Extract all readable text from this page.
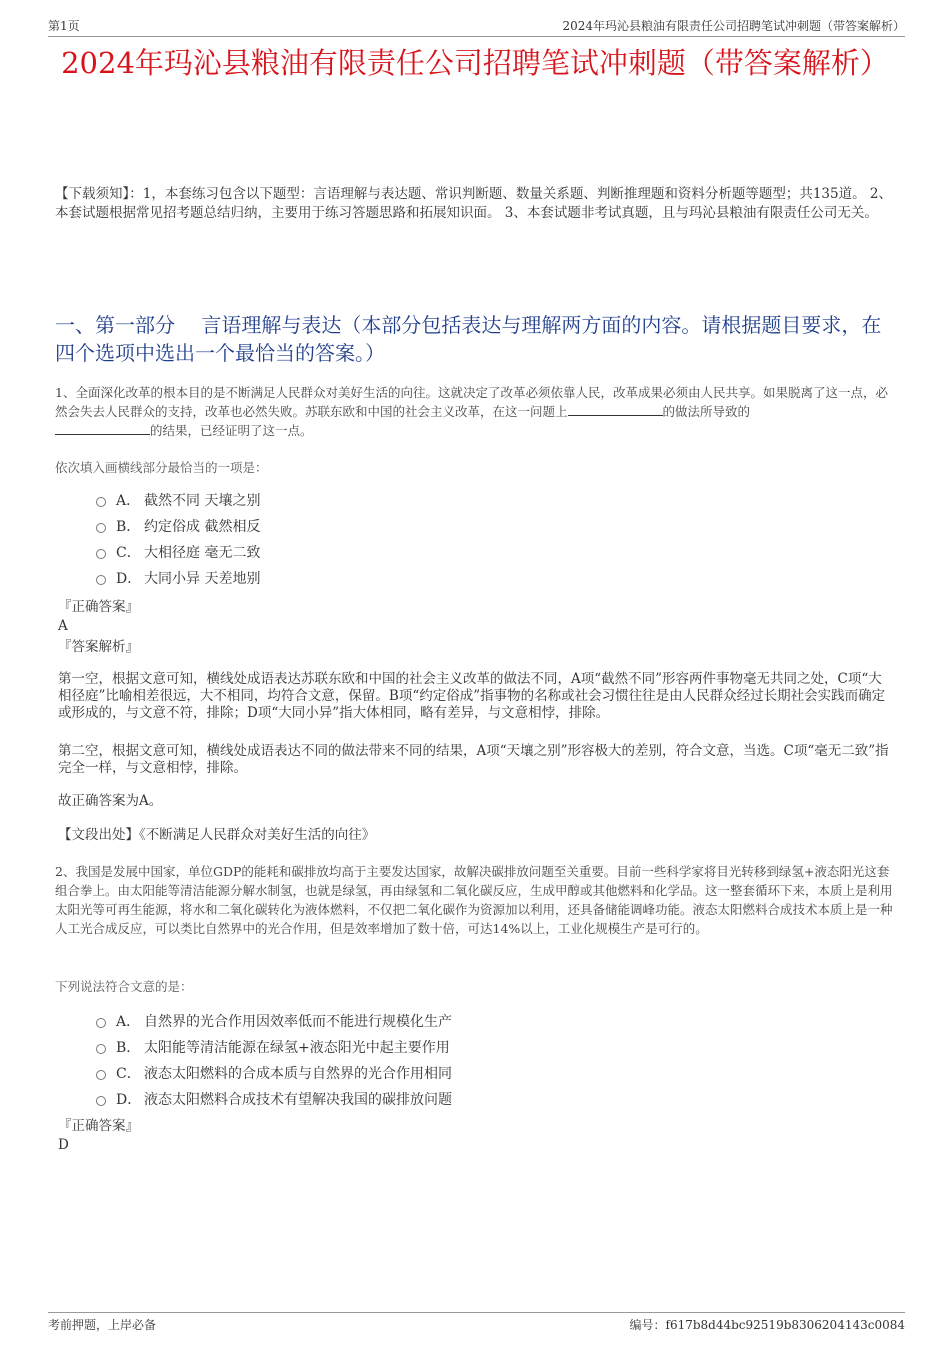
第1页	2024年玛沁县粮油有限责任公司招聘笔试冲刺题（带答案解析）
2024年玛沁县粮油有限责任公司招聘笔试冲刺题（带答案解析）
【下载须知】：1，本套练习包含以下题型：言语理解与表达题、常识判断题、数量关系题、判断推理题和资料分析题等题型；共135道。 2、本套试题根据常见招考题总结归纳，主要用于练习答题思路和拓展知识面。 3、本套试题非考试真题，且与玛沁县粮油有限责任公司无关。
一、第一部分　 言语理解与表达（本部分包括表达与理解两方面的内容。请根据题目要求，在四个选项中选出一个最恰当的答案。）
1、全面深化改革的根本目的是不断满足人民群众对美好生活的向往。这就决定了改革必须依靠人民，改革成果必须由人民共享。如果脱离了这一点，必然会失去人民群众的支持，改革也必然失败。苏联东欧和中国的社会主义改革，在这一问题上	的做法所导致的
的结果，已经证明了这一点。
依次填入画横线部分最恰当的一项是：
A． 截然不同 天壤之别
B． 约定俗成 截然相反
C． 大相径庭 毫无二致
D． 大同小异 天差地别
『正确答案』
A
『答案解析』
第一空，根据文意可知，横线处成语表达苏联东欧和中国的社会主义改革的做法不同，A项“截然不同”形容两件事物毫无共同之处，C项“大相径庭”比喻相差很远，大不相同，均符合文意，保留。B项“约定俗成”指事物的名称或社会习惯往往是由人民群众经过长期社会实践而确定或形成的，与文意不符，排除；D项“大同小异”指大体相同，略有差异，与文意相悖，排除。
第二空，根据文意可知，横线处成语表达不同的做法带来不同的结果，A项“天壤之别”形容极大的差别，符合文意，当选。C项“毫无二致”指完全一样，与文意相悖，排除。
故正确答案为A。
【文段出处】《不断满足人民群众对美好生活的向往》
2、我国是发展中国家，单位GDP的能耗和碳排放均高于主要发达国家，故解决碳排放问题至关重要。目前一些科学家将目光转移到绿氢+液态阳光这套组合拳上。由太阳能等清洁能源分解水制氢，也就是绿氢，再由绿氢和二氧化碳反应，生成甲醇或其他燃料和化学品。这一整套循环下来，本质上是利用太阳光等可再生能源，将水和二氧化碳转化为液体燃料，不仅把二氧化碳作为资源加以利用，还具备储能调峰功能。液态太阳燃料合成技术本质上是一种人工光合成反应，可以类比自然界中的光合作用，但是效率增加了数十倍，可达14%以上，工业化规模生产是可行的。
下列说法符合文意的是：
A． 自然界的光合作用因效率低而不能进行规模化生产
B． 太阳能等清洁能源在绿氢+液态阳光中起主要作用
C． 液态太阳燃料的合成本质与自然界的光合作用相同
D． 液态太阳燃料合成技术有望解决我国的碳排放问题
『正确答案』
D
考前押题，上岸必备	编号：f617b8d44bc92519b8306204143c0084
